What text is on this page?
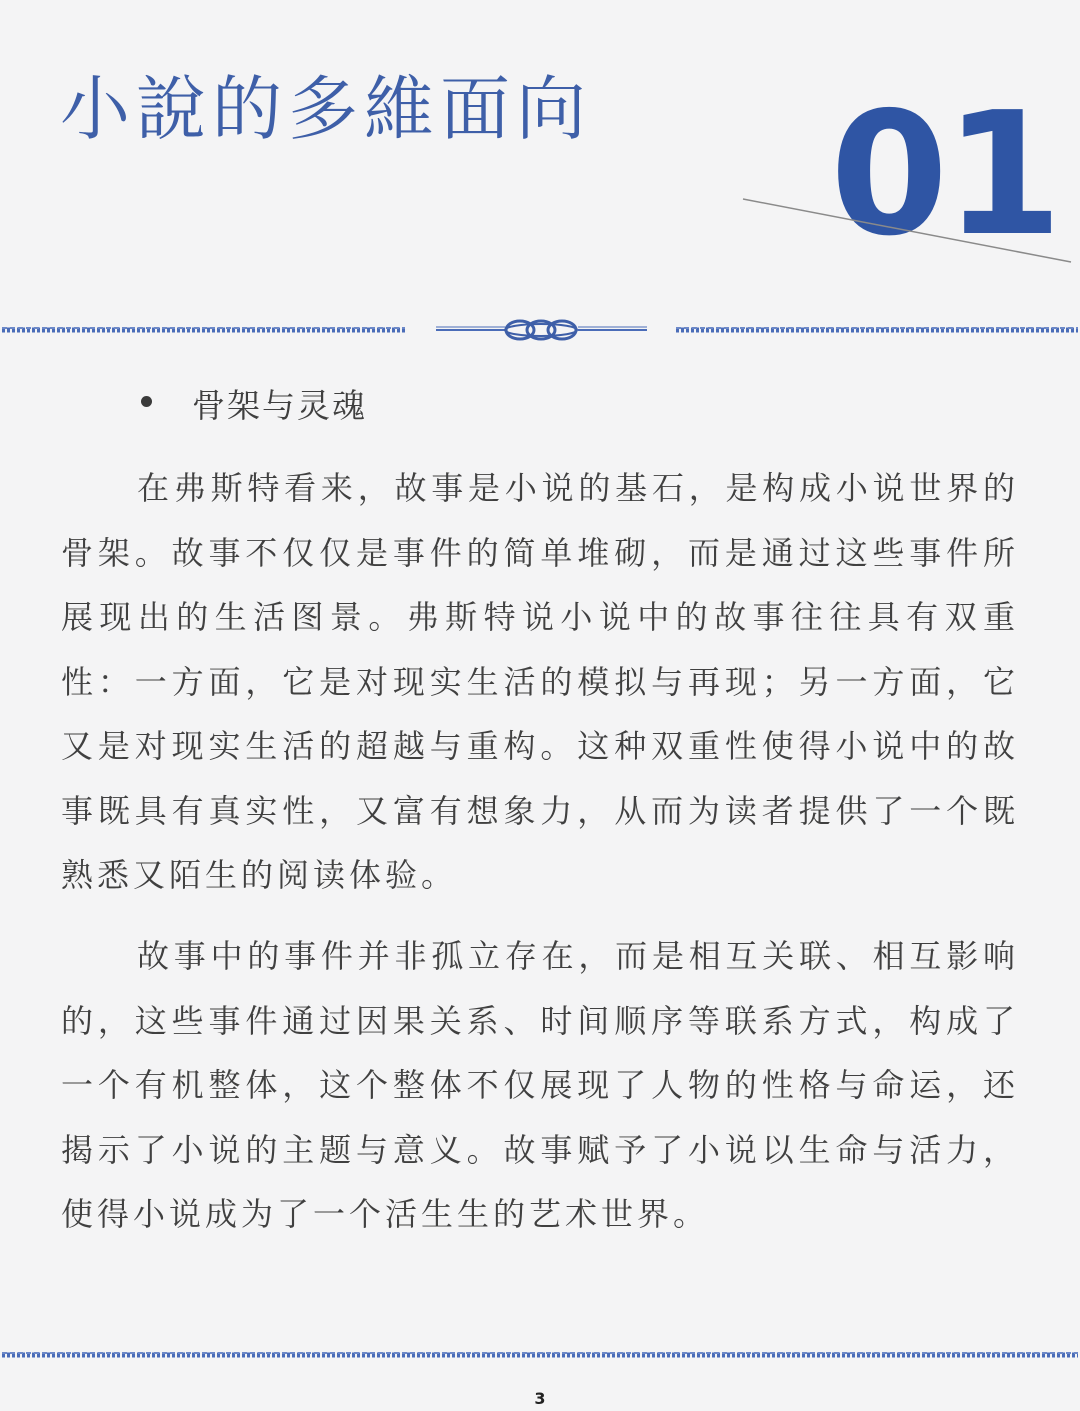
小說的多維面向 01
骨架与灵魂

在弗斯特看来，故事是小说的基石，是构成小说世界的骨架。故事不仅仅是事件的简单堆砌，而是通过这些事件所展现出的生活图景。弗斯特说小说中的故事往往具有双重性：一方面，它是对现实生活的模拟与再现；另一方面，它又是对现实生活的超越与重构。这种双重性使得小说中的故事既具有真实性，又富有想象力，从而为读者提供了一个既熟悉又陌生的阅读体验。

故事中的事件并非孤立存在，而是相互关联、相互影响的，这些事件通过因果关系、时间顺序等联系方式，构成了一个有机整体，这个整体不仅展现了人物的性格与命运，还揭示了小说的主题与意义。故事赋予了小说以生命与活力，使得小说成为了一个活生生的艺术世界。

3
